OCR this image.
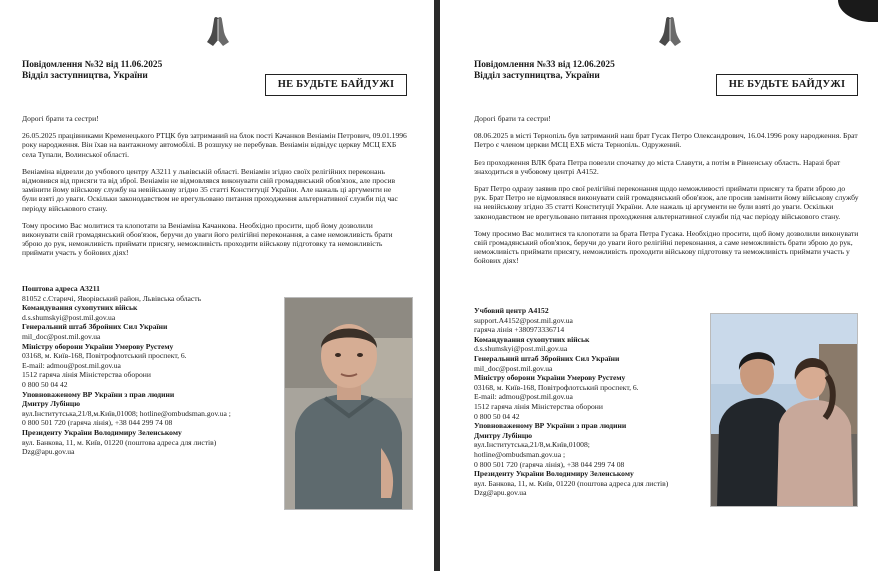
Повідомлення №32 від 11.06.2025
Відділ заступництва, України
НЕ БУДЬТЕ БАЙДУЖІ

Дорогі брати та сестри!

26.05.2025 працівниками Кременецького РТЦК був затриманий на блок пості Качанков Веніамін Петрович, 09.01.1996 року народження. Він їхав на вантажному автомобілі. В розшуку не перебував. Веніамін відвідує церкву МСЦ ЕХБ села Тупали, Волинської області.

Веніаміна відвезли до учбового центру А3211 у львівській області. Веніамін згідно своїх релігійних переконань відмовився від присяги та від зброї. Веніамін не відмовлявся виконувати свій громадянський обов'язок, але просив замінити йому військову службу на невійськову згідно 35 статті Конституції України. Але нажаль ці аргументи не були взяті до уваги. Оскільки законодавством не врегульовано питання проходження альтернативної служби під час періоду військового стану.

Тому просимо Вас молитися та клопотати за Веніаміна Качанкова. Необхідно просити, щоб йому дозволили виконувати свій громадянський обов'язок, беручи до уваги його релігійні переконання, а саме неможливість брати зброю до рук, неможливість приймати присягу, неможливість проходити військову підготовку та неможливість приймати участь у бойових діях!

Поштова адреса А3211
81052 с.Старичі, Яворівський район, Львівська область
Командування сухопутних військ
d.s.shumskyi@post.mil.gov.ua
Генеральний штаб Збройних Сил України
mil_doc@post.mil.gov.ua
Міністру оборони України Умерову Рустему
03168, м. Київ-168, Повітрофлотський проспект, 6.
E-mail: admou@post.mil.gov.ua
1512 гаряча лінія Міністерства оборони
0 800 50 04 42
Уповноваженому ВР України з прав людини
Дмитру Лубінцю
вул.Інститутська,21/8,м.Київ,01008; hotline@ombudsman.gov.ua ;
0 800 501 720 (гаряча лінія), +38 044 299 74 08
Президенту України Володимиру Зеленському
вул. Банкова, 11, м. Київ, 01220 (поштова адреса для листів)
Dzg@apu.gov.ua
Повідомлення №33 від 12.06.2025
Відділ заступництва, України
НЕ БУДЬТЕ БАЙДУЖІ

Дорогі брати та сестри!

08.06.2025 в місті Тернопіль був затриманий наш брат Гусак Петро Олександрович, 16.04.1996 року народження. Брат Петро є членом церкви МСЦ ЕХБ міста Тернопіль. Одружений.

Без проходження ВЛК брата Петра повезли спочатку до міста Славути, а потім в Рівненську область. Наразі брат знаходиться в учбовому центрі А4152.

Брат Петро одразу заявив про свої релігійні переконання щодо неможливості приймати присягу та брати зброю до рук. Брат Петро не відмовлявся виконувати свій громадянський обов'язок, але просив замінити йому військову службу на невійськову згідно 35 статті Конституції України. Але нажаль ці аргументи не були взяті до уваги. Оскільки законодавством не врегульовано питання проходження альтернативної служби під час періоду військового стану.

Тому просимо Вас молитися та клопотати за брата Петра Гусака. Необхідно просити, щоб йому дозволили виконувати свій громадянський обов'язок, беручи до уваги його релігійні переконання, а саме неможливість брати зброю до рук, неможливість приймати присягу, неможливість проходити військову підготовку та неможливість приймати участь у бойових діях!

Учбовий центр А4152
support.A4152@post.mil.gov.ua
гаряча лінія +380973336714
Командування сухопутних військ
d.s.shumskyi@post.mil.gov.ua
Генеральний штаб Збройних Сил України
mil_doc@post.mil.gov.ua
Міністру оборони України Умерову Рустему
03168, м. Київ-168, Повітрофлотський проспект, 6.
E-mail: admou@post.mil.gov.ua
1512 гаряча лінія Міністерства оборони
0 800 50 04 42
Уповноваженому ВР України з прав людини
Дмитру Лубінцю
вул.Інститутська,21/8,м.Київ,01008;
hotline@ombudsman.gov.ua ;
0 800 501 720 (гаряча лінія), +38 044 299 74 08
Президенту України Володимиру Зеленському
вул. Банкова, 11, м. Київ, 01220 (поштова адреса для листів)
Dzg@apu.gov.ua
